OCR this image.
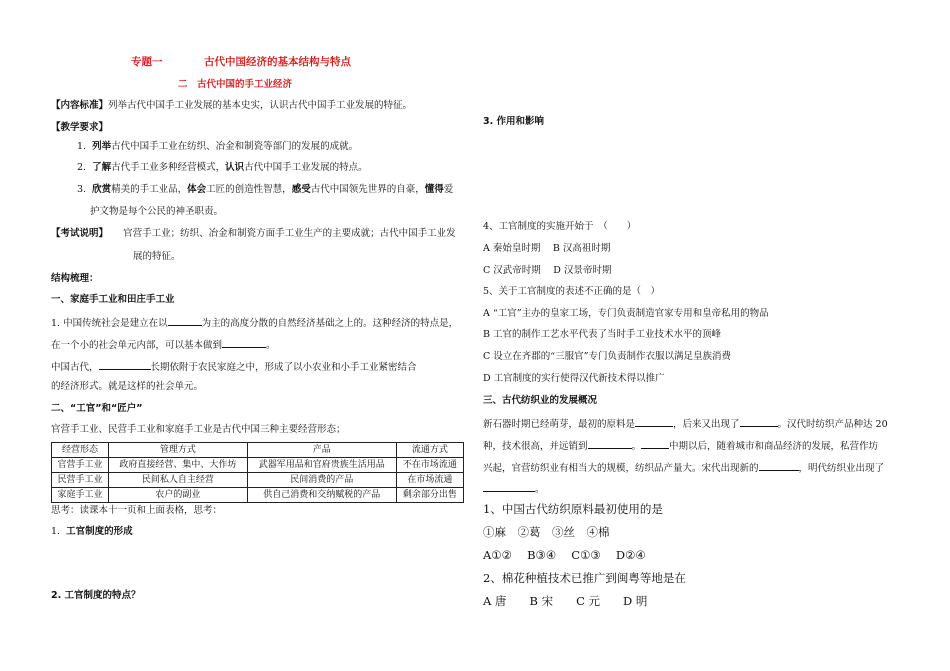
专题一	古代中国经济的基本结构与特点
二　古代中国的手工业经济
【内容标准】列举古代中国手工业发展的基本史实，认识古代中国手工业发展的特征。
【教学要求】
1. 列举古代中国手工业在纺织、冶金和制瓷等部门的发展的成就。
2. 了解古代手工业多种经营模式，认识古代中国手工业发展的特点。
3. 欣赏精美的手工业品，体会工匠的创造性智慧，感受古代中国领先世界的自豪，懂得爱
护文物是每个公民的神圣职责。
【考试说明】 官营手工业；纺织、冶金和制瓷方面手工业生产的主要成就；古代中国手工业发
展的特征。
结构梳理：
一、家庭手工业和田庄手工业
1. 中国传统社会是建立在以	为主的高度分散的自然经济基础之上的。这种经济的特点是，
在一个小的社会单元内部，可以基本做到	。
中国古代，	长期依附于农民家庭之中，形成了以小农业和小手工业紧密结合
的经济形式。就是这样的社会单元。
二、“工官”和“匠户”
官营手工业、民营手工业和家庭手工业是古代中国三种主要经营形态；
经营形态	管理方式	产品	流通方式
官营手工业	政府直接经营、集中、大作坊	武器军用品和官府贵族生活用品	不在市场流通
民营手工业	民间私人自主经营	民间消费的产品	在市场流通
家庭手工业	农户的副业	供自己消费和交纳赋税的产品	剩余部分出售
思考：读课本十一页和上面表格，思考：
1. 工官制度的形成
2. 工官制度的特点？
3. 作用和影响
4、工官制度的实施开始于　（　　）
A 秦始皇时期　 B 汉高祖时期
C 汉武帝时期　 D 汉景帝时期
5、关于工官制度的表述不正确的是（　）
A “工官”主办的皇家工场，专门负责制造官家专用和皇帝私用的物品
B 工官的制作工艺水平代表了当时手工业技术水平的顶峰
C 设立在齐郡的“三服官”专门负责制作衣服以满足皇族消费
D 工官制度的实行使得汉代新技术得以推广
三、古代纺织业的发展概况
新石器时期已经萌芽，最初的原料是	，后来又出现了	。汉代时纺织产品种达 20
种，技术很高，并远销到	。	中期以后，随着城市和商品经济的发展，私营作坊
兴起，官营纺织业有相当大的规模，纺织品产量大。宋代出现新的	，明代纺织业出现了
。
1、中国古代纺织原料最初使用的是
①麻　②葛　③丝　④棉
A①②　 B③④　 C①③　 D②④
2、棉花种植技术已推广到闽粤等地是在
A 唐　　B 宋　　C 元　　D 明
